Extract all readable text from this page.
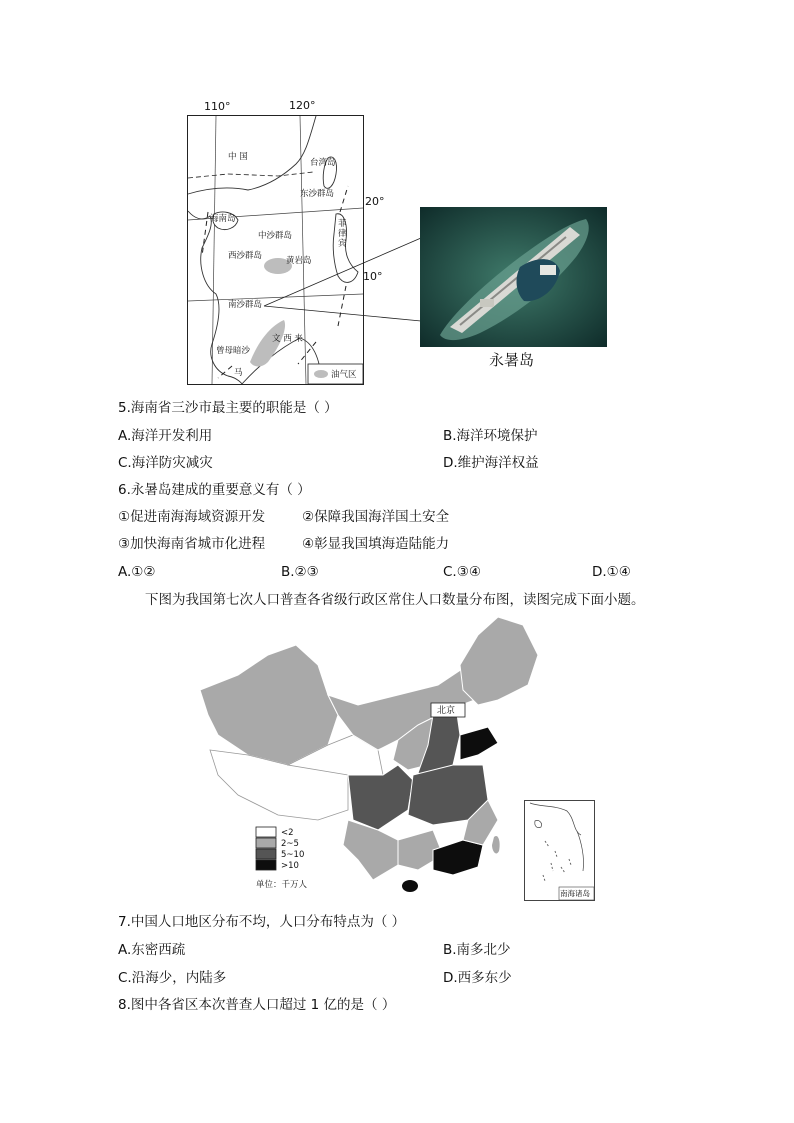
中 国
台湾岛
东沙群岛
海南岛
中沙群岛
西沙群岛	黄岩岛
菲律宾
南沙群岛
曾母暗沙
文 西 来
马	油气区
110°	120°
20°
10°
永暑岛
5.海南省三沙市最主要的职能是（ ）
A.海洋开发利用	B.海洋环境保护
C.海洋防灾减灾	D.维护海洋权益
6.永暑岛建成的重要意义有（ ）
①促进南海海域资源开发	②保障我国海洋国土安全
③加快海南省城市化进程	④彰显我国填海造陆能力
A.①②	B.②③	C.③④	D.①④
下图为我国第七次人口普查各省级行政区常住人口数量分布图，读图完成下面小题。
北京
<2
2~5
5~10
>10
单位：千万人
南海诸岛
7.中国人口地区分布不均，人口分布特点为（ ）
A.东密西疏	B.南多北少
C.沿海少，内陆多	D.西多东少
8.图中各省区本次普查人口超过 1 亿的是（ ）
